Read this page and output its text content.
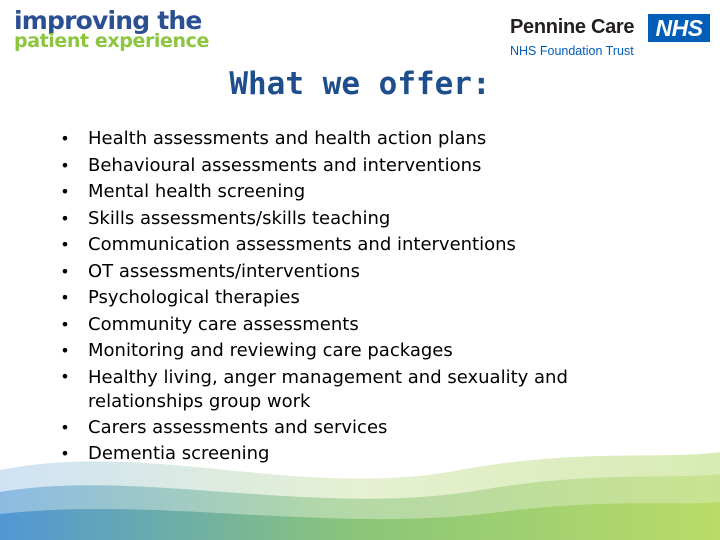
improving the
patient experience
Pennine Care NHS
NHS Foundation Trust
What we offer:
• Health assessments and health action plans
• Behavioural assessments and interventions
• Mental health screening
• Skills assessments/skills teaching
• Communication assessments and interventions
• OT assessments/interventions
• Psychological therapies
• Community care assessments
• Monitoring and reviewing care packages
• Healthy living, anger management and sexuality and relationships group work
• Carers assessments and services
• Dementia screening
